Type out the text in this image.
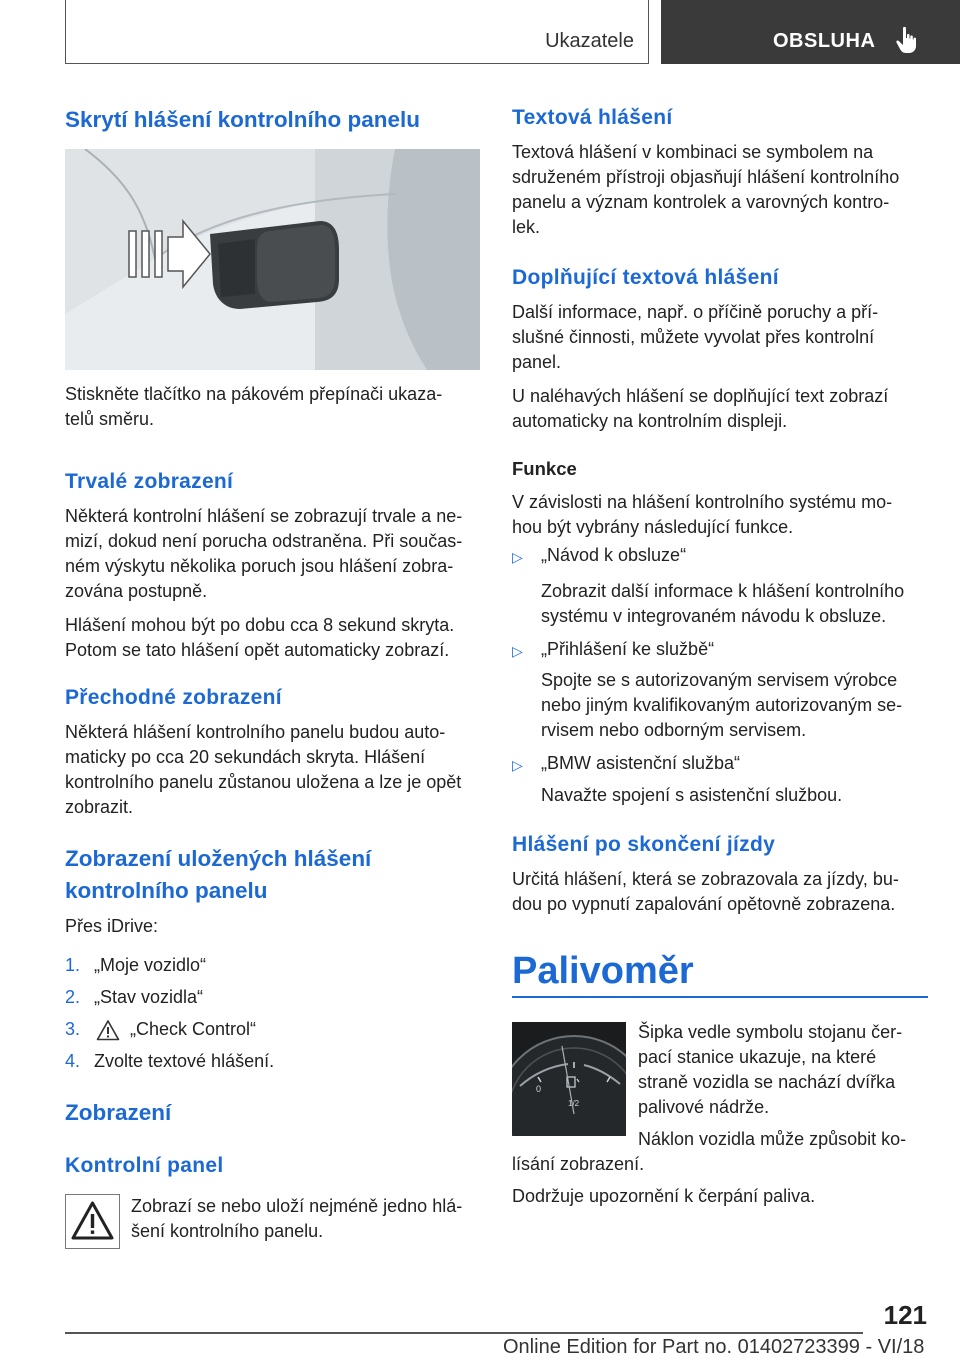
Ukazatele	OBSLUHA
Skrytí hlášení kontrolního panelu
Stiskněte tlačítko na pákovém přepínači ukaza-
telů směru.
Trvalé zobrazení
Některá kontrolní hlášení se zobrazují trvale a ne-
mizí, dokud není porucha odstraněna. Při součas-
ném výskytu několika poruch jsou hlášení zobra-
zována postupně.
Hlášení mohou být po dobu cca 8 sekund skryta.
Potom se tato hlášení opět automaticky zobrazí.
Přechodné zobrazení
Některá hlášení kontrolního panelu budou auto-
maticky po cca 20 sekundách skryta. Hlášení
kontrolního panelu zůstanou uložena a lze je opět
zobrazit.
Zobrazení uložených hlášení
kontrolního panelu
Přes iDrive:
1. „Moje vozidlo“
2. „Stav vozidla“
3.	„Check Control“
4. Zvolte textové hlášení.
Zobrazení
Kontrolní panel
Zobrazí se nebo uloží nejméně jedno hlá-
šení kontrolního panelu.
Textová hlášení
Textová hlášení v kombinaci se symbolem na
sdruženém přístroji objasňují hlášení kontrolního
panelu a význam kontrolek a varovných kontro-
lek.
Doplňující textová hlášení
Další informace, např. o příčině poruchy a pří-
slušné činnosti, můžete vyvolat přes kontrolní
panel.
U naléhavých hlášení se doplňující text zobrazí
automaticky na kontrolním displeji.
Funkce
V závislosti na hlášení kontrolního systému mo-
hou být vybrány následující funkce.
▷ „Návod k obsluze“
Zobrazit další informace k hlášení kontrolního
systému v integrovaném návodu k obsluze.
▷ „Přihlášení ke službě“
Spojte se s autorizovaným servisem výrobce
nebo jiným kvalifikovaným autorizovaným se-
rvisem nebo odborným servisem.
▷ „BMW asistenční služba“
Navažte spojení s asistenční službou.
Hlášení po skončení jízdy
Určitá hlášení, která se zobrazovala za jízdy, bu-
dou po vypnutí zapalování opětovně zobrazena.
Palivoměr
0
1/2
Šipka vedle symbolu stojanu čer-
pací stanice ukazuje, na které
straně vozidla se nachází dvířka
palivové nádrže.
Náklon vozidla může způsobit ko-
lísání zobrazení.
Dodržuje upozornění k čerpání paliva.
121
Online Edition for Part no. 01402723399 - VI/18
